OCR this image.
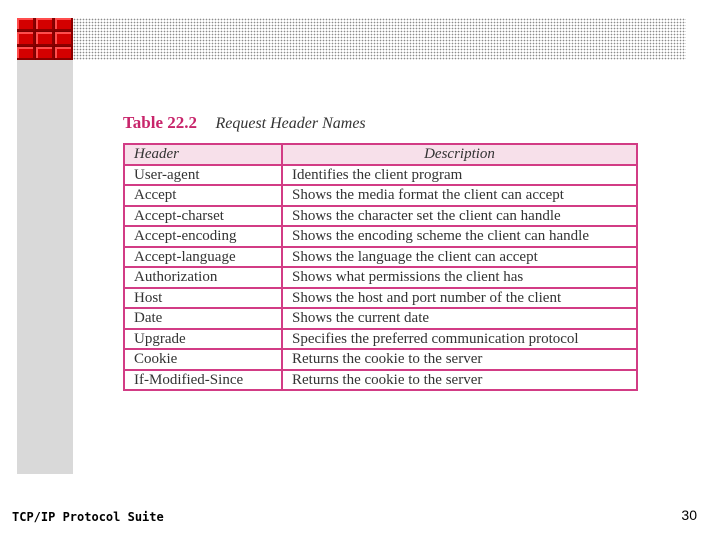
Table 22.2 Request Header Names
Header	Description
User-agent	Identifies the client program
Accept	Shows the media format the client can accept
Accept-charset	Shows the character set the client can handle
Accept-encoding	Shows the encoding scheme the client can handle
Accept-language	Shows the language the client can accept
Authorization	Shows what permissions the client has
Host	Shows the host and port number of the client
Date	Shows the current date
Upgrade	Specifies the preferred communication protocol
Cookie	Returns the cookie to the server
If-Modified-Since	Returns the cookie to the server
TCP/IP Protocol Suite	30
